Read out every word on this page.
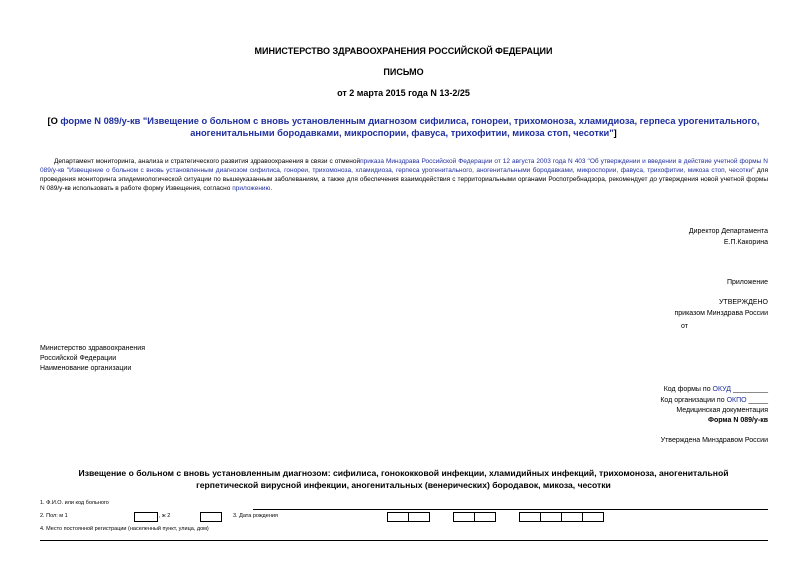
МИНИСТЕРСТВО ЗДРАВООХРАНЕНИЯ РОССИЙСКОЙ ФЕДЕРАЦИИ
ПИСЬМО
от 2 марта 2015 года N 13-2/25
[О форме N 089/у-кв "Извещение о больном с вновь установленным диагнозом сифилиса, гонореи, трихомоноза, хламидиоза, герпеса урогенитального,
аногенитальными бородавками, микроспории, фавуса, трихофитии, микоза стоп, чесотки"]
Департамент мониторинга, анализа и стратегического развития здравоохранения в связи с отменойприказа Минздрава Российской Федерации от 12 августа 2003 года N 403 "Об утверждении и введении в действие учетной формы N 089/у-кв "Извещение о больном с вновь установленным диагнозом сифилиса, гонореи, трихомоноза, хламидиоза, герпеса урогенитального, аногенитальными бородавками, микроспории, фавуса, трихофитии, микоза стоп, чесотки" для проведения мониторинга эпидемиологической ситуации по вышеуказанным заболеваниям, а также для обеспечения взаимодействия с территориальными органами Роспотребнадзора, рекомендует до утверждения новой учетной формы N 089/у-кв использовать в работе форму Извещения, согласно приложению.
Директор Департамента
Е.П.Какорина
Приложение
УТВЕРЖДЕНО
приказом Минздрава России
от
Министерство здравоохранения
Российской Федерации
Наименование организации
Код формы по ОКУД _________
Код организации по ОКПО _____
Медицинская документация
Форма N 089/у-кв
Утверждена Минздравом России
Извещение о больном с вновь установленным диагнозом: сифилиса, гонококковой инфекции, хламидийных инфекций, трихомоноза, аногенитальной
герпетической вирусной инфекции, аногенитальных (венерических) бородавок, микоза, чесотки
1. Ф.И.О. или код больного
2. Пол: м 1	, ж 2	3. Дата рождения
4. Место постоянной регистрации (населенный пункт, улица, дом)
